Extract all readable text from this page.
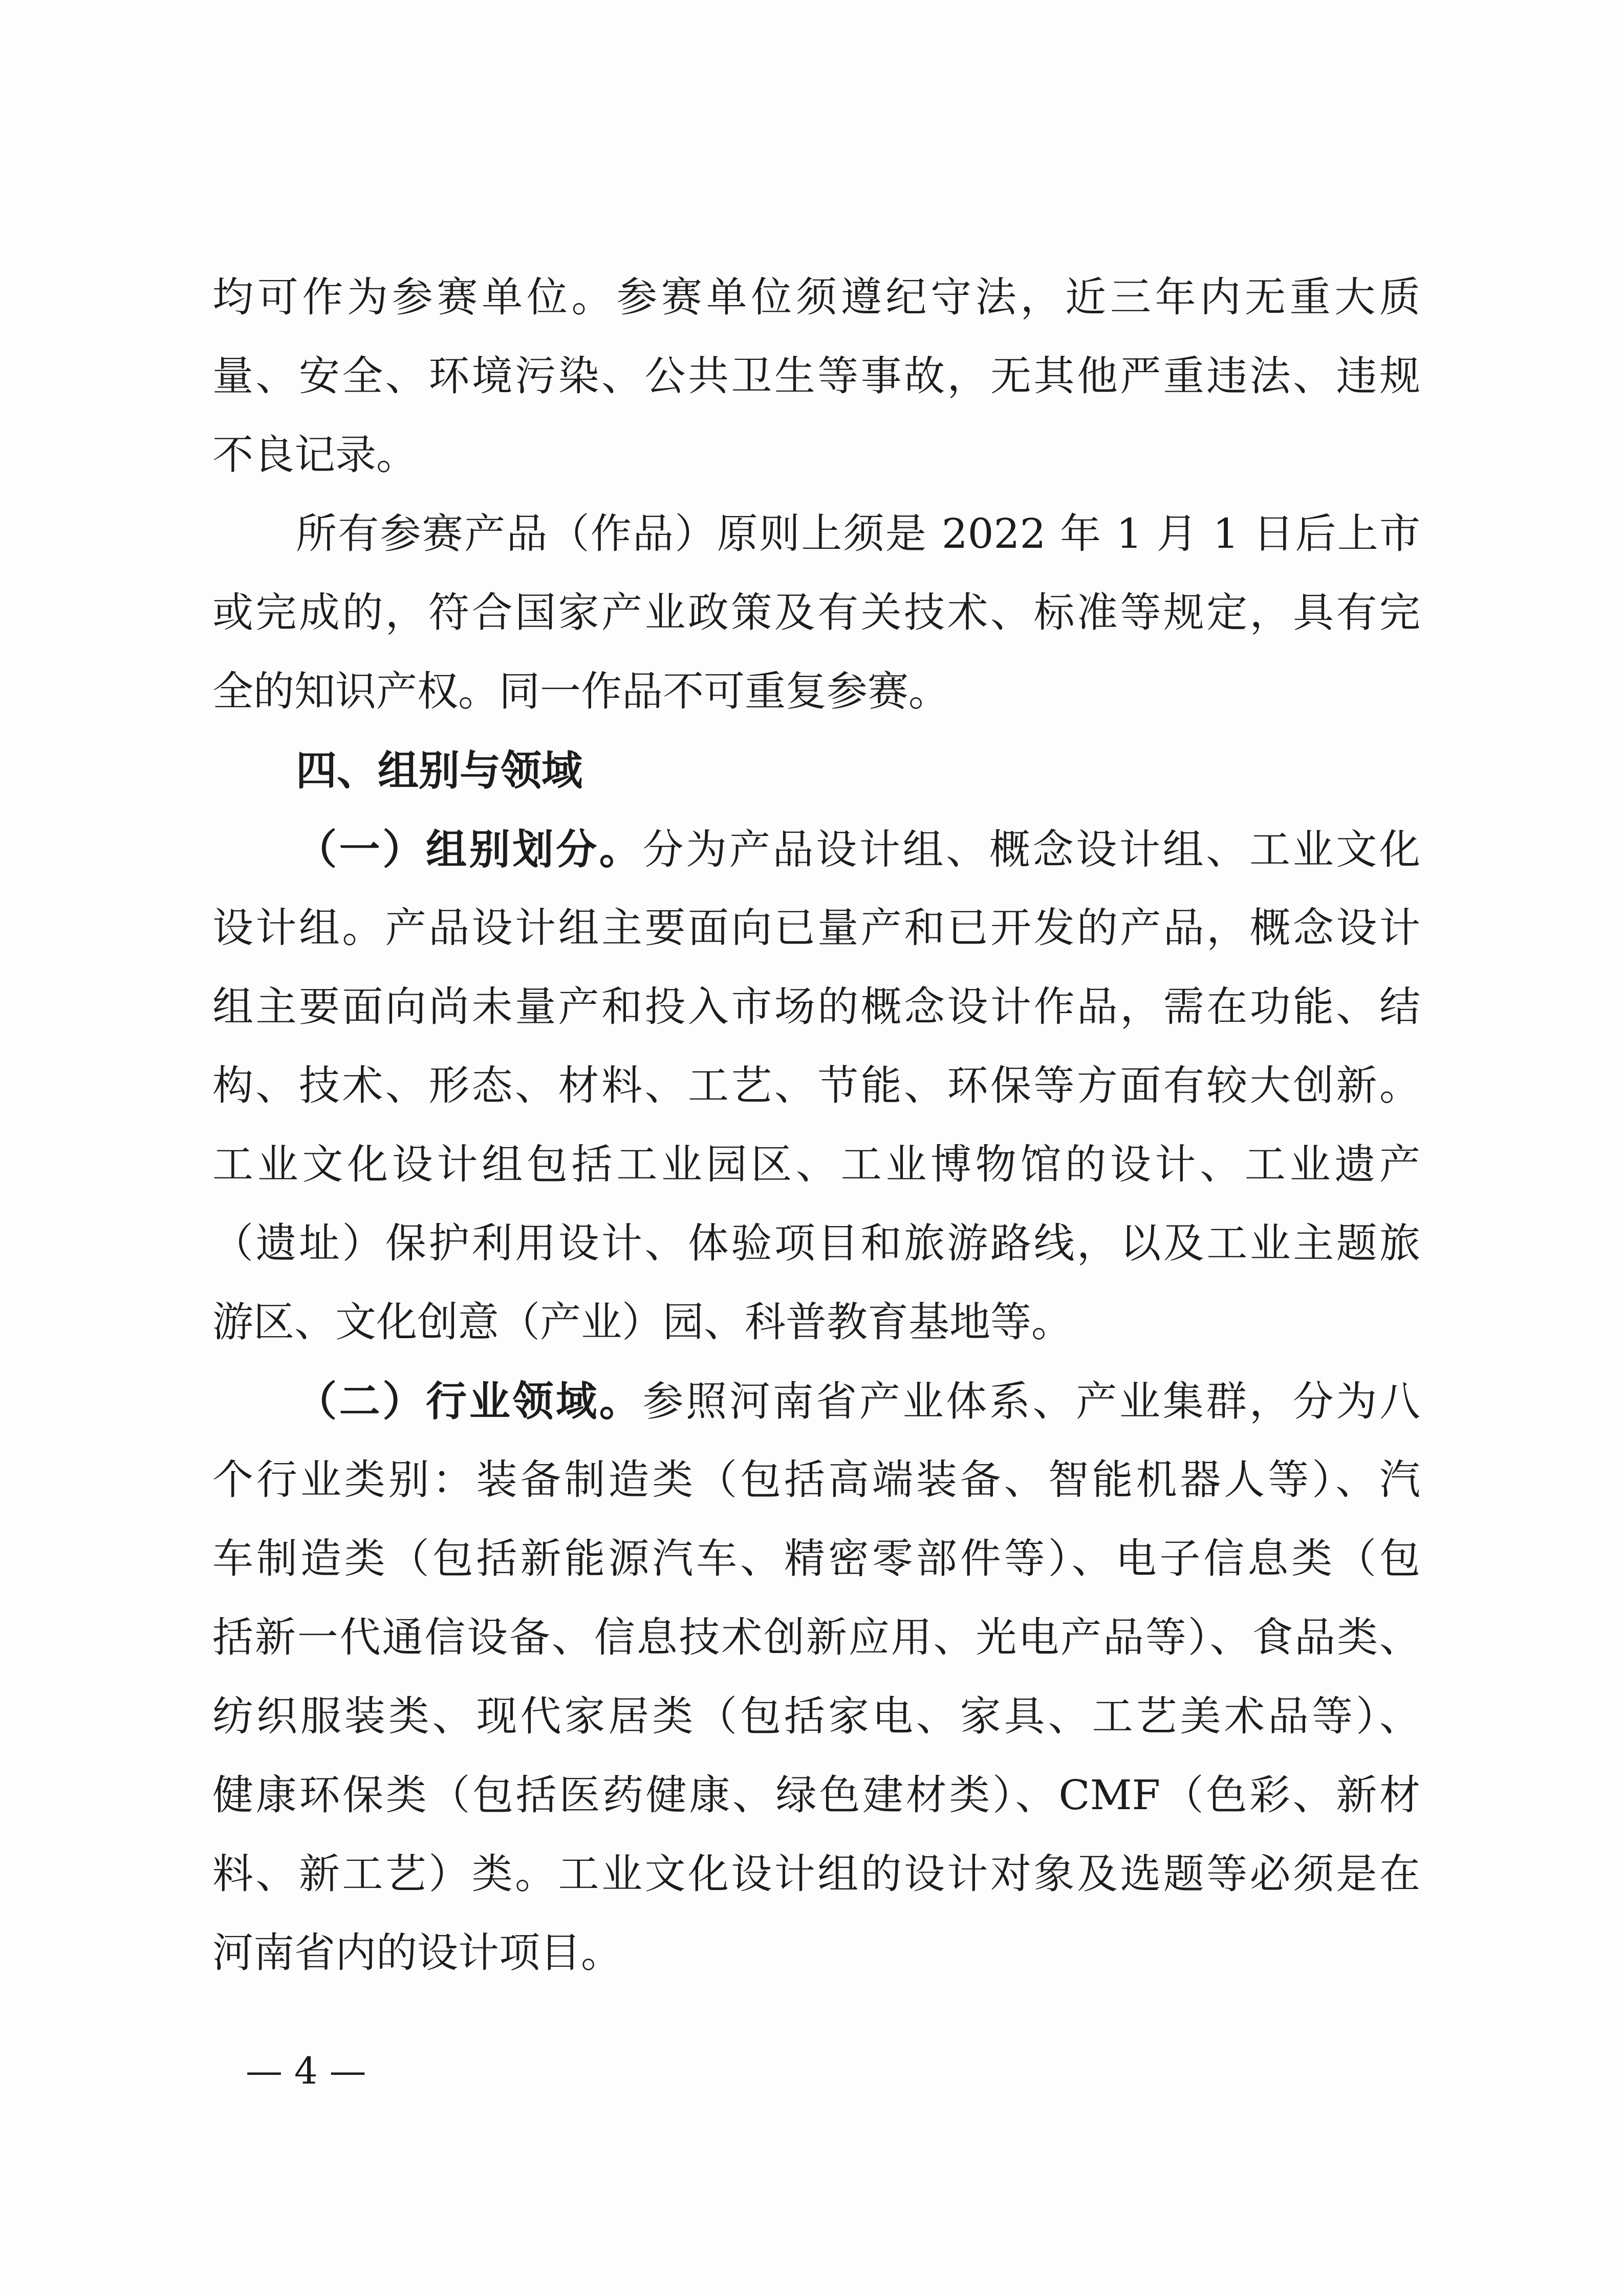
均可作为参赛单位。参赛单位须遵纪守法，近三年内无重大质
量、安全、环境污染、公共卫生等事故，无其他严重违法、违规
不良记录。
所有参赛产品（作品）原则上须是 2022 年 1 月 1 日后上市
或完成的，符合国家产业政策及有关技术、标准等规定，具有完
全的知识产权。同一作品不可重复参赛。
四、组别与领域
（一）组别划分。分为产品设计组、概念设计组、工业文化
设计组。产品设计组主要面向已量产和已开发的产品，概念设计
组主要面向尚未量产和投入市场的概念设计作品，需在功能、结
构、技术、形态、材料、工艺、节能、环保等方面有较大创新。
工业文化设计组包括工业园区、工业博物馆的设计、工业遗产
（遗址）保护利用设计、体验项目和旅游路线，以及工业主题旅
游区、文化创意（产业）园、科普教育基地等。
（二）行业领域。参照河南省产业体系、产业集群，分为八
个行业类别：装备制造类（包括高端装备、智能机器人等）、汽
车制造类（包括新能源汽车、精密零部件等）、电子信息类（包
括新一代通信设备、信息技术创新应用、光电产品等）、食品类、
纺织服装类、现代家居类（包括家电、家具、工艺美术品等）、
健康环保类（包括医药健康、绿色建材类）、CMF（色彩、新材
料、新工艺）类。工业文化设计组的设计对象及选题等必须是在
河南省内的设计项目。
— 4 —
